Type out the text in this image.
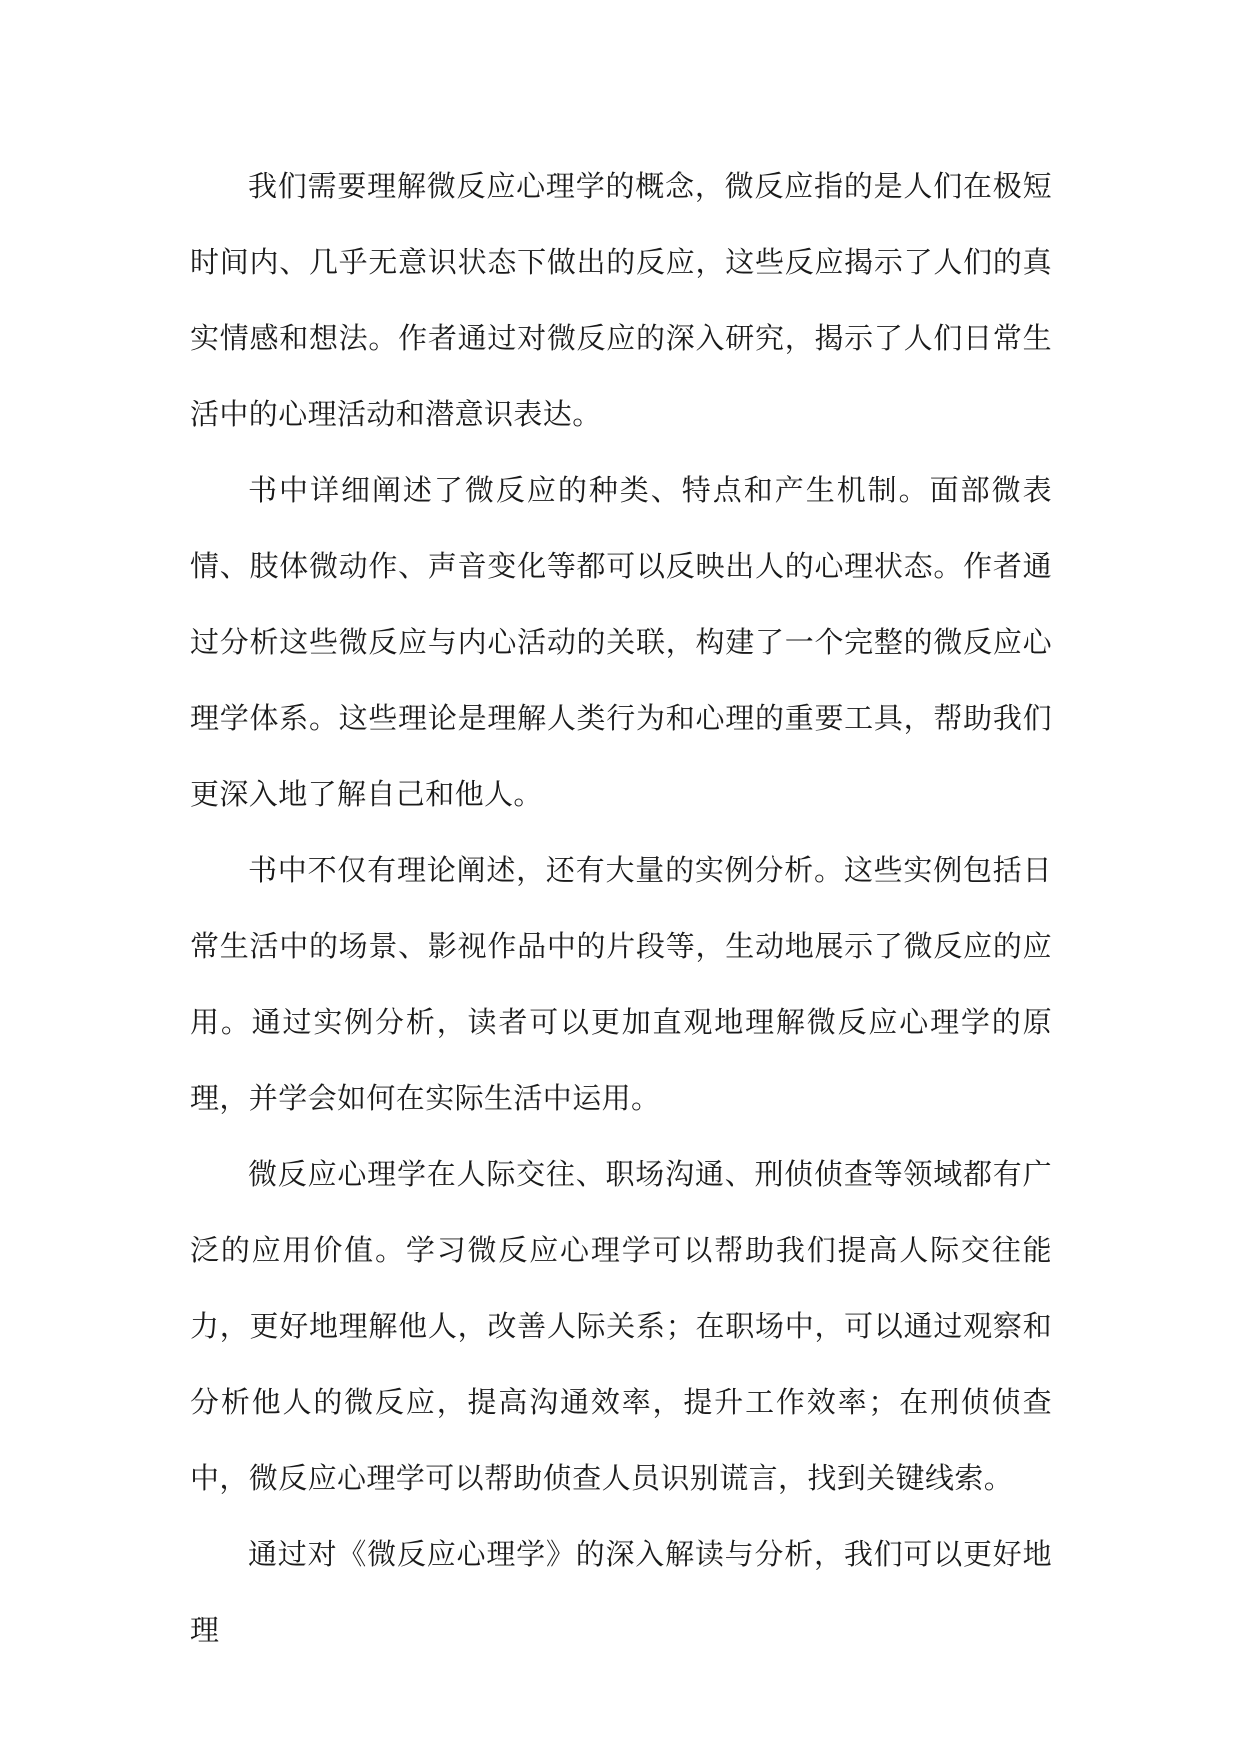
我们需要理解微反应心理学的概念，微反应指的是人们在极短时间内、几乎无意识状态下做出的反应，这些反应揭示了人们的真实情感和想法。作者通过对微反应的深入研究，揭示了人们日常生活中的心理活动和潜意识表达。

书中详细阐述了微反应的种类、特点和产生机制。面部微表情、肢体微动作、声音变化等都可以反映出人的心理状态。作者通过分析这些微反应与内心活动的关联，构建了一个完整的微反应心理学体系。这些理论是理解人类行为和心理的重要工具，帮助我们更深入地了解自己和他人。

书中不仅有理论阐述，还有大量的实例分析。这些实例包括日常生活中的场景、影视作品中的片段等，生动地展示了微反应的应用。通过实例分析，读者可以更加直观地理解微反应心理学的原理，并学会如何在实际生活中运用。

微反应心理学在人际交往、职场沟通、刑侦侦查等领域都有广泛的应用价值。学习微反应心理学可以帮助我们提高人际交往能力，更好地理解他人，改善人际关系；在职场中，可以通过观察和分析他人的微反应，提高沟通效率，提升工作效率；在刑侦侦查中，微反应心理学可以帮助侦查人员识别谎言，找到关键线索。

通过对《微反应心理学》的深入解读与分析，我们可以更好地理
